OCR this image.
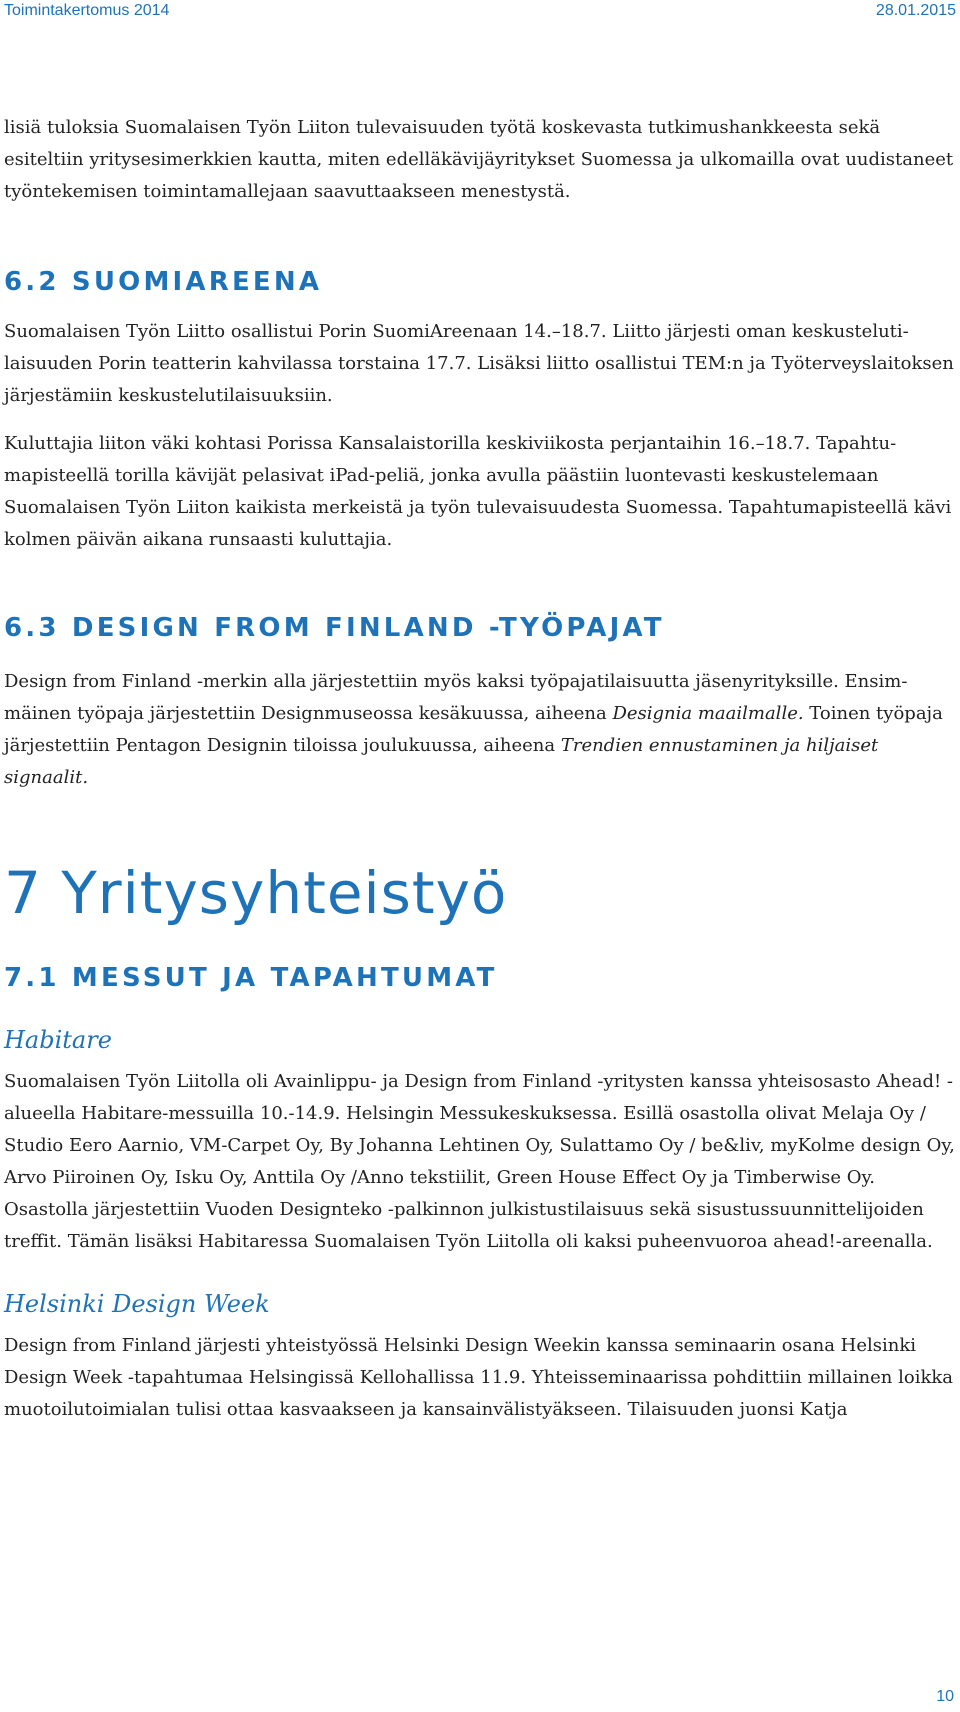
Toimintakertomus 2014	28.01.2015

lisiä tuloksia Suomalaisen Työn Liiton tulevaisuuden työtä koskevasta tutkimushankkeesta sekä esiteltiin yritysesimerkkien kautta, miten edelläkävijäyritykset Suomessa ja ulkomailla ovat uudistaneet työntekemisen toimintamallejaan saavuttaakseen menestystä.

6.2 SUOMIAREENA

Suomalaisen Työn Liitto osallistui Porin SuomiAreenaan 14.–18.7. Liitto järjesti oman keskustelutilaisuuden Porin teatterin kahvilassa torstaina 17.7. Lisäksi liitto osallistui TEM:n ja Työterveyslaitoksen järjestämiin keskustelutilaisuuksiin.

Kuluttajia liiton väki kohtasi Porissa Kansalaistorilla keskiviikosta perjantaihin 16.–18.7. Tapahtumapisteellä torilla kävijät pelasivat iPad-peliä, jonka avulla päästiin luontevasti keskustelemaan Suomalaisen Työn Liiton kaikista merkeistä ja työn tulevaisuudesta Suomessa. Tapahtumapisteellä kävi kolmen päivän aikana runsaasti kuluttajia.

6.3 DESIGN FROM FINLAND -TYÖPAJAT

Design from Finland -merkin alla järjestettiin myös kaksi työpajatilaisuutta jäsenyrityksille. Ensimmäinen työpaja järjestettiin Designmuseossa kesäkuussa, aiheena Designia maailmalle. Toinen työpaja järjestettiin Pentagon Designin tiloissa joulukuussa, aiheena Trendien ennustaminen ja hiljaiset signaalit.

7 Yritysyhteistyö
7.1 MESSUT JA TAPAHTUMAT
Habitare

Suomalaisen Työn Liitolla oli Avainlippu- ja Design from Finland -yritysten kanssa yhteisosasto Ahead! -alueella Habitare-messuilla 10.-14.9. Helsingin Messukeskuksessa. Esillä osastolla olivat Melaja Oy / Studio Eero Aarnio, VM-Carpet Oy, By Johanna Lehtinen Oy, Sulattamo Oy / be&liv, myKolme design Oy, Arvo Piiroinen Oy, Isku Oy, Anttila Oy /Anno tekstiilit, Green House Effect Oy ja Timberwise Oy. Osastolla järjestettiin Vuoden Designteko -palkinnon julkistustilaisuus sekä sisustussuunnittelijoiden treffit. Tämän lisäksi Habitaressa Suomalaisen Työn Liitolla oli kaksi puheenvuoroa ahead!-areenalla.

Helsinki Design Week

Design from Finland järjesti yhteistyössä Helsinki Design Weekin kanssa seminaarin osana Helsinki Design Week -tapahtumaa Helsingissä Kellohallissa 11.9. Yhteisseminaarissa pohdittiin millainen loikka muotoilutoimialan tulisi ottaa kasvaakseen ja kansainvälistyäkseen. Tilaisuuden juonsi Katja

10
